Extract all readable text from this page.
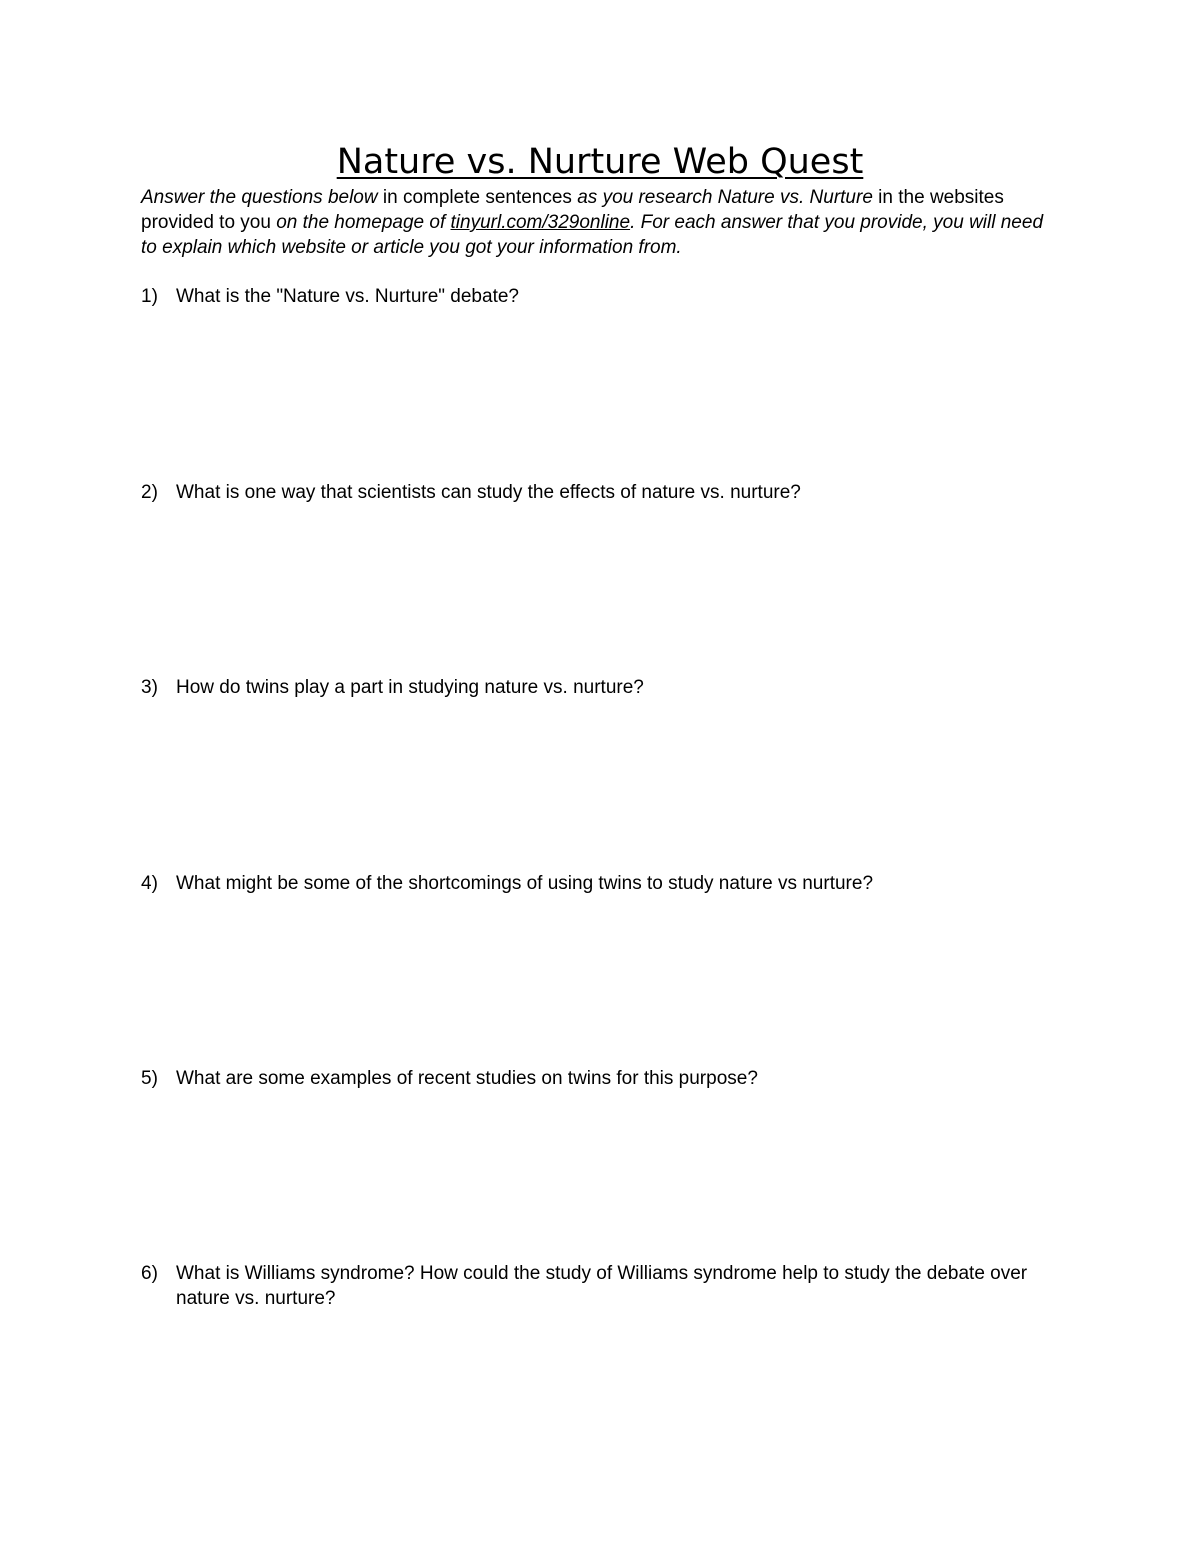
Nature vs. Nurture Web Quest

Answer the questions below in complete sentences as you research Nature vs. Nurture in the websites provided to you on the homepage of tinyurl.com/329online. For each answer that you provide, you will need to explain which website or article you got your information from.

1) What is the "Nature vs. Nurture" debate?
2) What is one way that scientists can study the effects of nature vs. nurture?
3) How do twins play a part in studying nature vs. nurture?
4) What might be some of the shortcomings of using twins to study nature vs nurture?
5) What are some examples of recent studies on twins for this purpose?
6) What is Williams syndrome? How could the study of Williams syndrome help to study the debate over nature vs. nurture?
